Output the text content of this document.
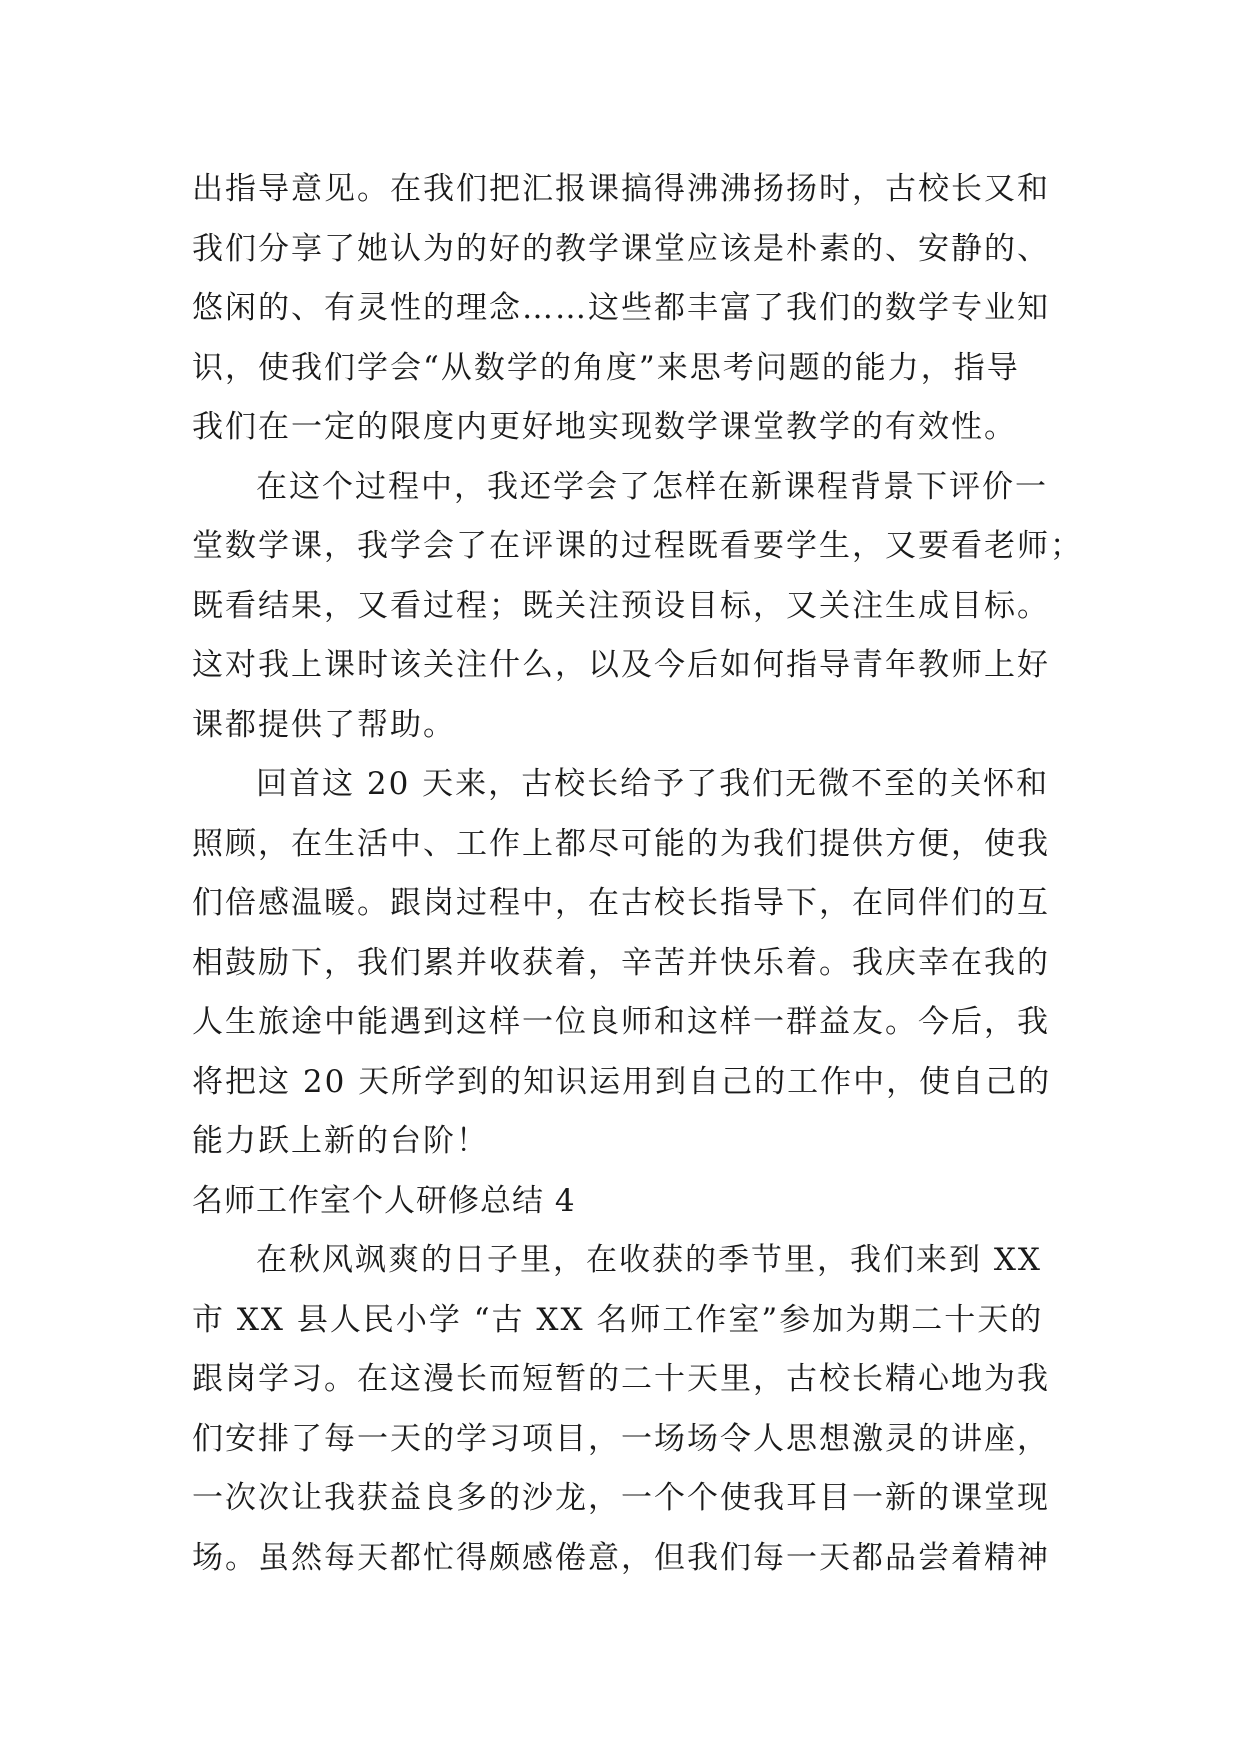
出指导意见。在我们把汇报课搞得沸沸扬扬时，古校长又和
我们分享了她认为的好的教学课堂应该是朴素的、安静的、
悠闲的、有灵性的理念……这些都丰富了我们的数学专业知
识，使我们学会“从数学的角度”来思考问题的能力，指导
我们在一定的限度内更好地实现数学课堂教学的有效性。
在这个过程中，我还学会了怎样在新课程背景下评价一
堂数学课，我学会了在评课的过程既看要学生，又要看老师；
既看结果，又看过程；既关注预设目标，又关注生成目标。
这对我上课时该关注什么，以及今后如何指导青年教师上好
课都提供了帮助。
回首这 20 天来，古校长给予了我们无微不至的关怀和
照顾，在生活中、工作上都尽可能的为我们提供方便，使我
们倍感温暖。跟岗过程中，在古校长指导下，在同伴们的互
相鼓励下，我们累并收获着，辛苦并快乐着。我庆幸在我的
人生旅途中能遇到这样一位良师和这样一群益友。今后，我
将把这 20 天所学到的知识运用到自己的工作中，使自己的
能力跃上新的台阶！
名师工作室个人研修总结 4
在秋风飒爽的日子里，在收获的季节里，我们来到 XX
市 XX 县人民小学 “古 XX 名师工作室”参加为期二十天的
跟岗学习。在这漫长而短暂的二十天里，古校长精心地为我
们安排了每一天的学习项目，一场场令人思想激灵的讲座，
一次次让我获益良多的沙龙，一个个使我耳目一新的课堂现
场。虽然每天都忙得颇感倦意，但我们每一天都品尝着精神
